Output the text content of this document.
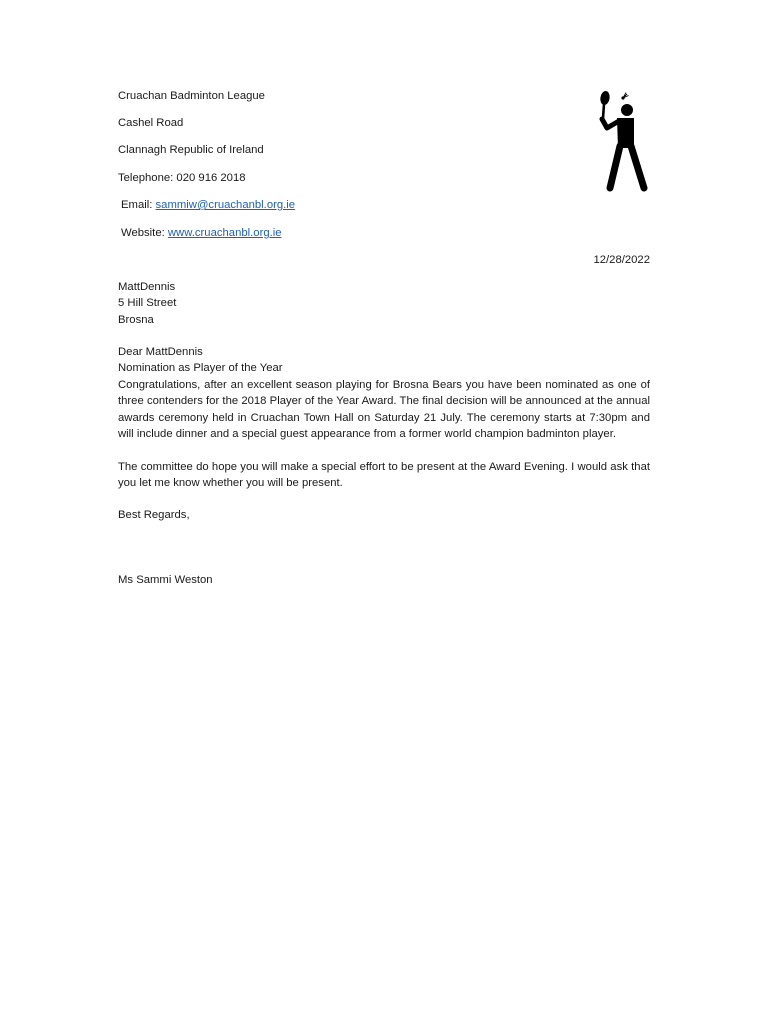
Cruachan Badminton League
Cashel Road
Clannagh Republic of Ireland
Telephone: 020 916 2018
Email: sammiw@cruachanbl.org.ie
Website: www.cruachanbl.org.ie
12/28/2022
MattDennis
5 Hill Street
Brosna
Dear MattDennis
Nomination as Player of the Year
Congratulations, after an excellent season playing for Brosna Bears you have been nominated as one of three contenders for the 2018 Player of the Year Award. The final decision will be announced at the annual awards ceremony held in Cruachan Town Hall on Saturday 21 July. The ceremony starts at 7:30pm and will include dinner and a special guest appearance from a former world champion badminton player.
The committee do hope you will make a special effort to be present at the Award Evening. I would ask that you let me know whether you will be present.
Best Regards,
Ms Sammi Weston
